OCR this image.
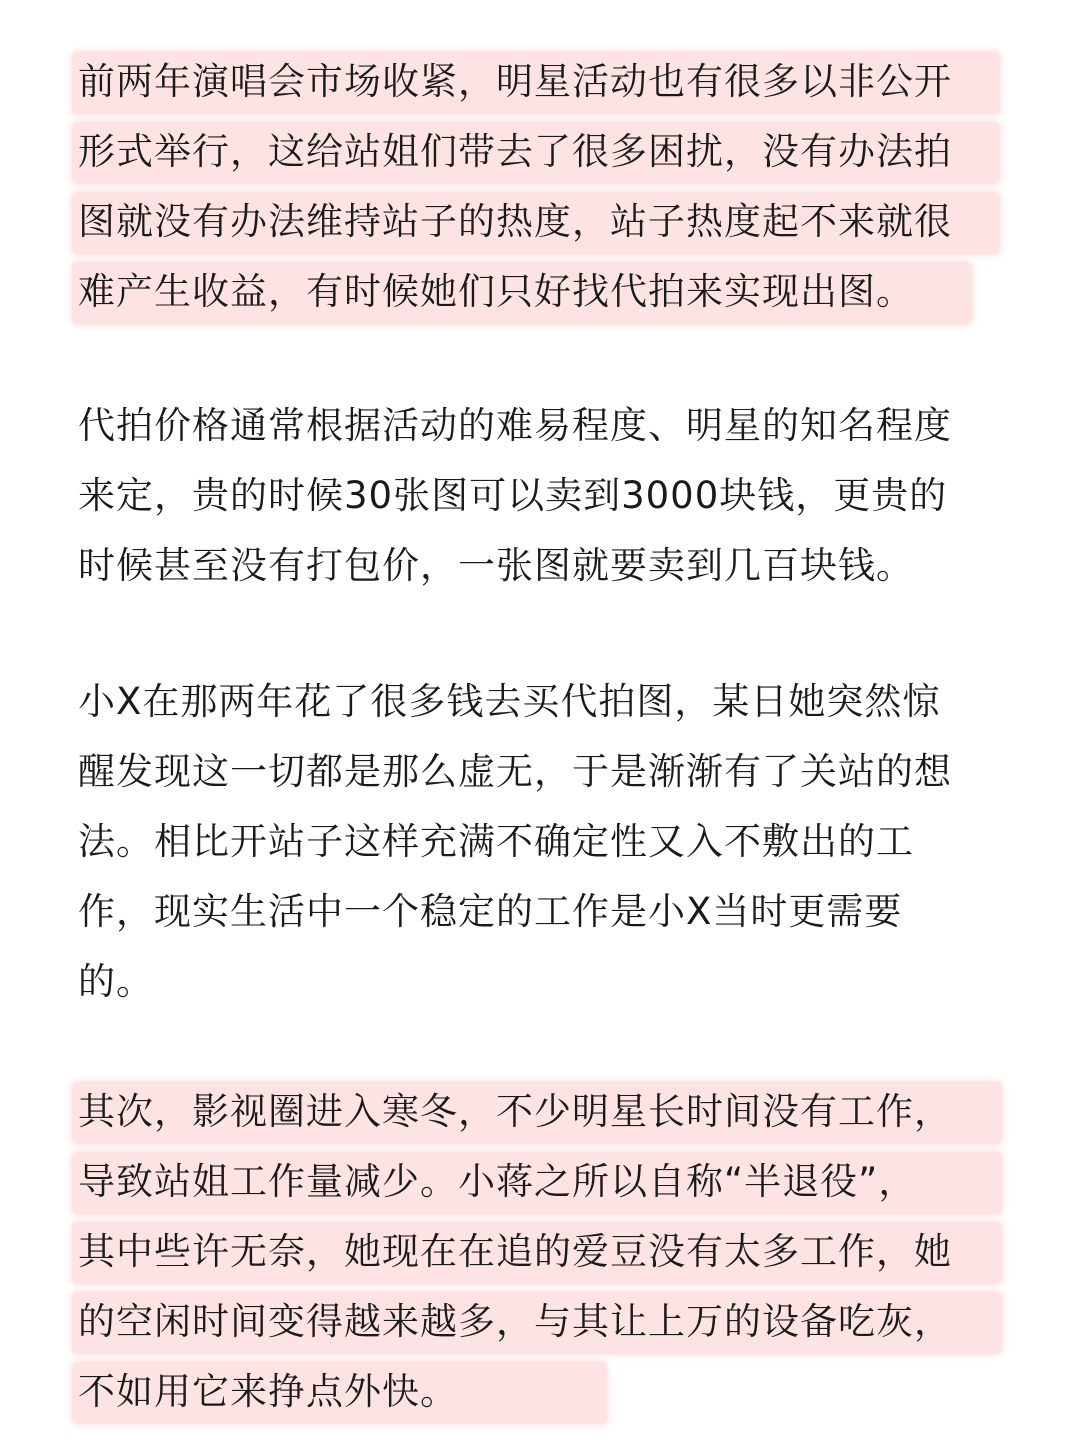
前两年演唱会市场收紧，明星活动也有很多以非公开
形式举行，这给站姐们带去了很多困扰，没有办法拍
图就没有办法维持站子的热度，站子热度起不来就很
难产生收益，有时候她们只好找代拍来实现出图。
代拍价格通常根据活动的难易程度、明星的知名程度
来定，贵的时候30张图可以卖到3000块钱，更贵的
时候甚至没有打包价，一张图就要卖到几百块钱。
小X在那两年花了很多钱去买代拍图，某日她突然惊
醒发现这一切都是那么虚无，于是渐渐有了关站的想
法。相比开站子这样充满不确定性又入不敷出的工
作，现实生活中一个稳定的工作是小X当时更需要
的。
其次，影视圈进入寒冬，不少明星长时间没有工作，
导致站姐工作量减少。小蒋之所以自称“半退役”，
其中些许无奈，她现在在追的爱豆没有太多工作，她
的空闲时间变得越来越多，与其让上万的设备吃灰，
不如用它来挣点外快。
